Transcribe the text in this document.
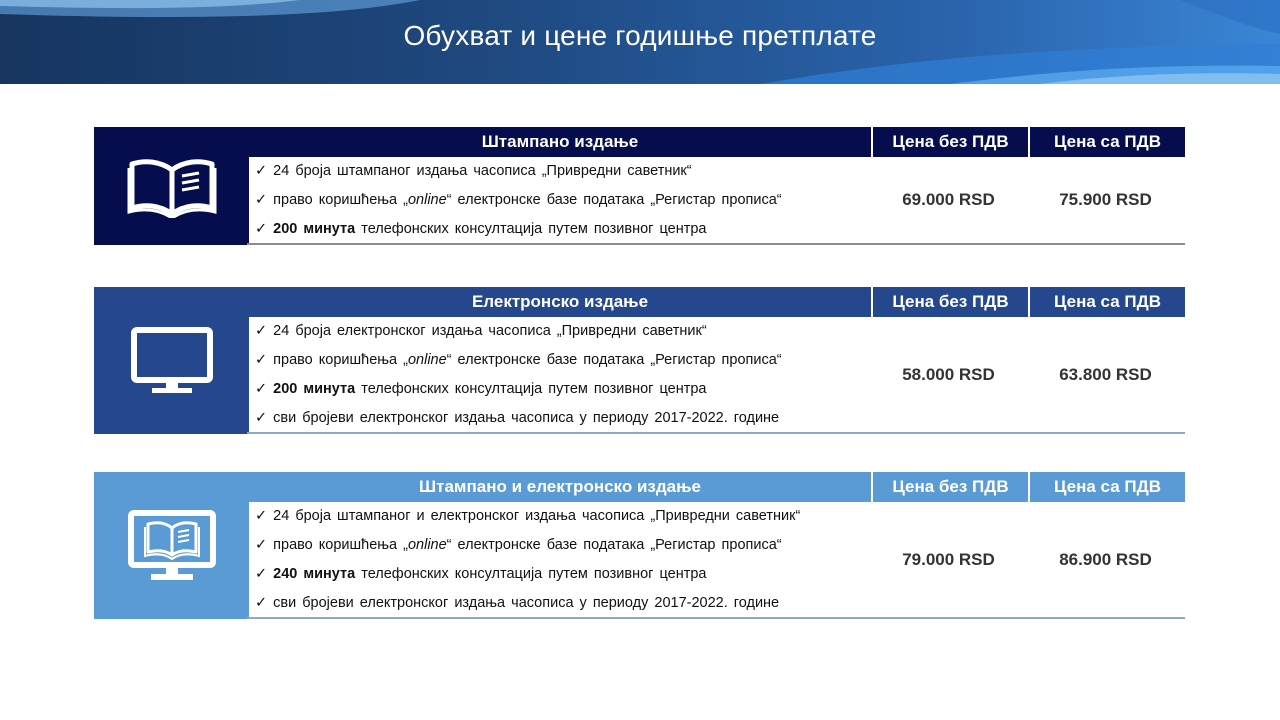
Обухват и цене годишње претплате
Штампано издање	Цена без ПДВ	Цена са ПДВ
✓ 24 броја штампаног издања часописа „Привредни саветник“
✓ право коришћења „online“ електронске базе података „Регистар прописа“
✓ 200 минута телефонских консултација путем позивног центра
69.000 RSD	75.900 RSD
Електронско издање	Цена без ПДВ	Цена са ПДВ
✓ 24 броја електронског издања часописа „Привредни саветник“
✓ право коришћења „online“ електронске базе података „Регистар прописа“
✓ 200 минута телефонских консултација путем позивног центра
✓ сви бројеви електронског издања часописа у периоду 2017-2022. године
58.000 RSD	63.800 RSD
Штампано и електронско издање	Цена без ПДВ	Цена са ПДВ
✓ 24 броја штампаног и електронског издања часописа „Привредни саветник“
✓ право коришћења „online“ електронске базе података „Регистар прописа“
✓ 240 минута телефонских консултација путем позивног центра
✓ сви бројеви електронског издања часописа у периоду 2017-2022. године
79.000 RSD	86.900 RSD
